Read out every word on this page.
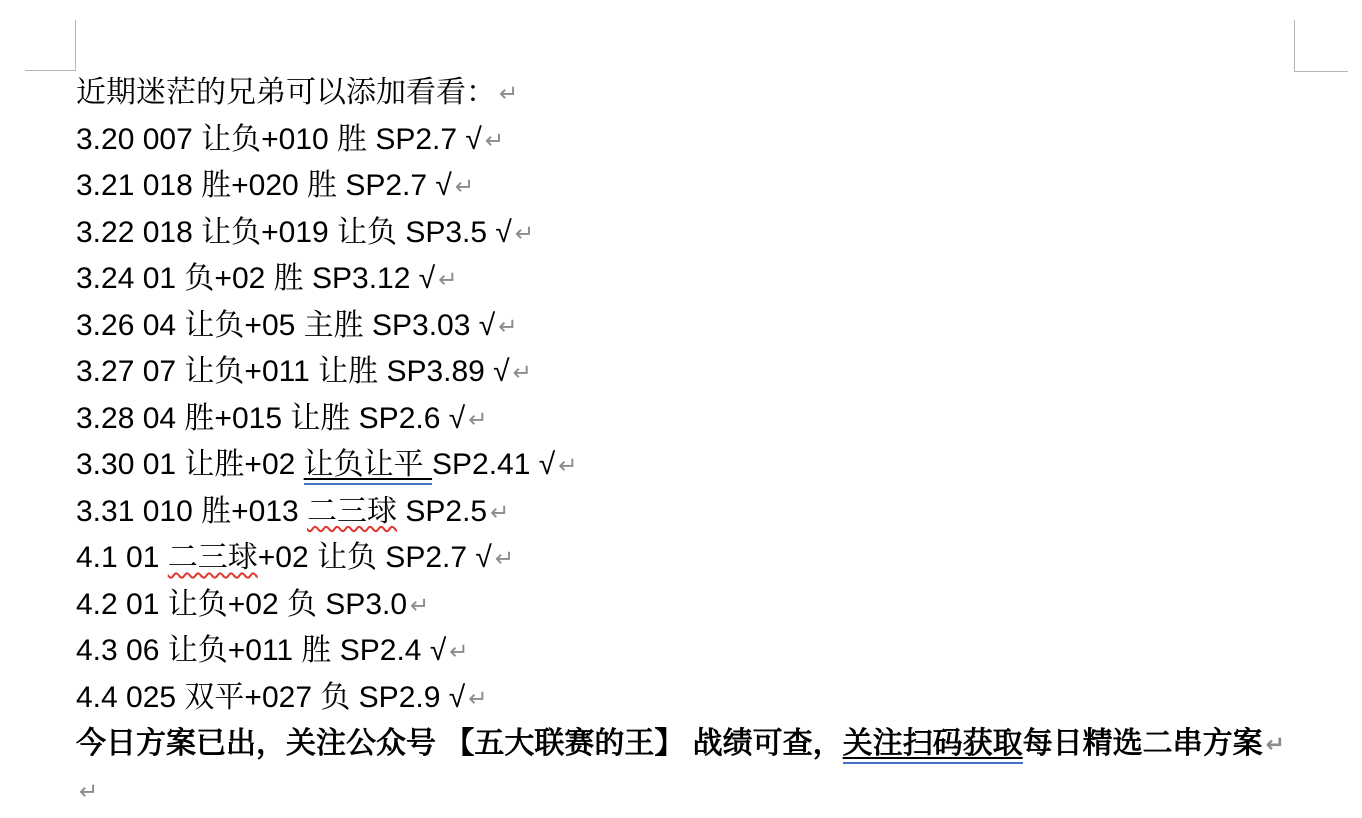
近期迷茫的兄弟可以添加看看： ↵
3.20 007 让负+010 胜 SP2.7 √ ↵
3.21 018 胜+020 胜 SP2.7 √ ↵
3.22 018 让负+019 让负 SP3.5 √ ↵
3.24 01 负+02 胜 SP3.12 √ ↵
3.26 04 让负+05 主胜 SP3.03 √ ↵
3.27 07 让负+011 让胜 SP3.89 √ ↵
3.28 04 胜+015 让胜 SP2.6 √ ↵
3.30 01 让胜+02 让负让平 SP2.41 √ ↵
3.31 010 胜+013 二三球 SP2.5 ↵
4.1 01 二三球+02 让负 SP2.7 √ ↵
4.2 01 让负+02 负 SP3.0 ↵
4.3 06 让负+011 胜 SP2.4 √ ↵
4.4 025 双平+027 负 SP2.9 √ ↵
今日方案已出，关注公众号 【五大联赛的王】 战绩可查，关注扫码获取每日精选二串方案 ↵
↵
